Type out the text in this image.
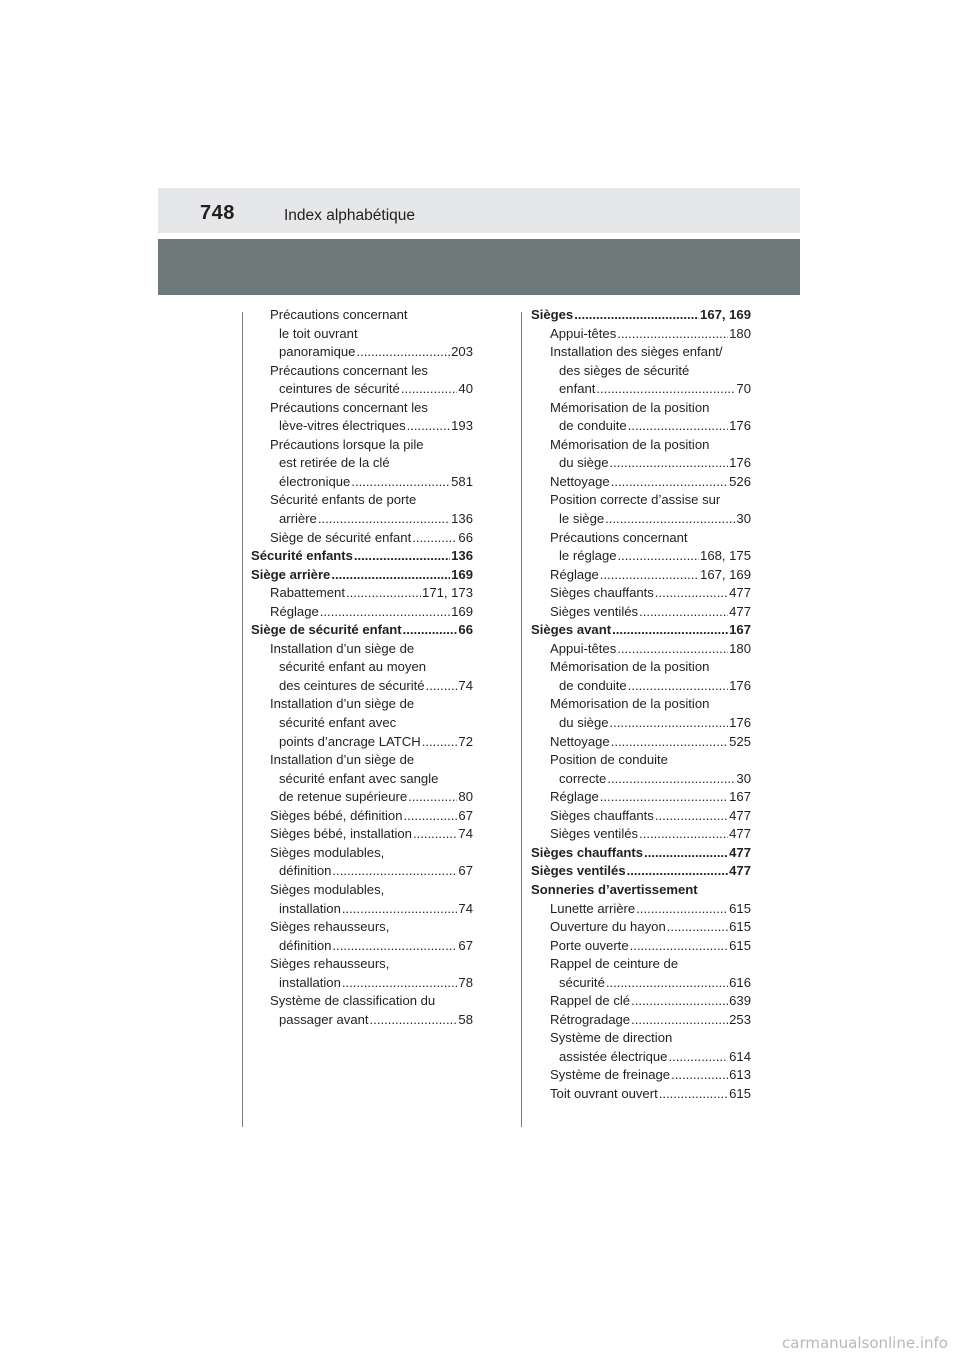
748	Index alphabétique
Précautions concernant
le toit ouvrant
panoramique .....	203
Précautions concernant les
ceintures de sécurité .....	40
Précautions concernant les
lève-vitres électriques .....	193
Précautions lorsque la pile
est retirée de la clé
électronique .....	581
Sécurité enfants de porte
arrière .....	136
Siège de sécurité enfant .....	66
Sécurité enfants .....	136
Siège arrière .....	169
Rabattement .....	171, 173
Réglage .....	169
Siège de sécurité enfant .....	66
Installation d’un siège de
sécurité enfant au moyen
des ceintures de sécurité .....	74
Installation d’un siège de
sécurité enfant avec
points d’ancrage LATCH .....	72
Installation d’un siège de
sécurité enfant avec sangle
de retenue supérieure .....	80
Sièges bébé, définition .....	67
Sièges bébé, installation .....	74
Sièges modulables,
définition .....	67
Sièges modulables,
installation .....	74
Sièges rehausseurs,
définition .....	67
Sièges rehausseurs,
installation .....	78
Système de classification du
passager avant .....	58
Sièges .....	167, 169
Appui-têtes .....	180
Installation des sièges enfant/
des sièges de sécurité
enfant .....	70
Mémorisation de la position
de conduite .....	176
Mémorisation de la position
du siège .....	176
Nettoyage .....	526
Position correcte d’assise sur
le siège .....	30
Précautions concernant
le réglage .....	168, 175
Réglage .....	167, 169
Sièges chauffants .....	477
Sièges ventilés .....	477
Sièges avant .....	167
Appui-têtes .....	180
Mémorisation de la position
de conduite .....	176
Mémorisation de la position
du siège .....	176
Nettoyage .....	525
Position de conduite
correcte .....	30
Réglage .....	167
Sièges chauffants .....	477
Sièges ventilés .....	477
Sièges chauffants .....	477
Sièges ventilés .....	477
Sonneries d’avertissement
Lunette arrière .....	615
Ouverture du hayon .....	615
Porte ouverte .....	615
Rappel de ceinture de
sécurité .....	616
Rappel de clé .....	639
Rétrogradage .....	253
Système de direction
assistée électrique .....	614
Système de freinage .....	613
Toit ouvrant ouvert .....	615
carmanualsonline.info
